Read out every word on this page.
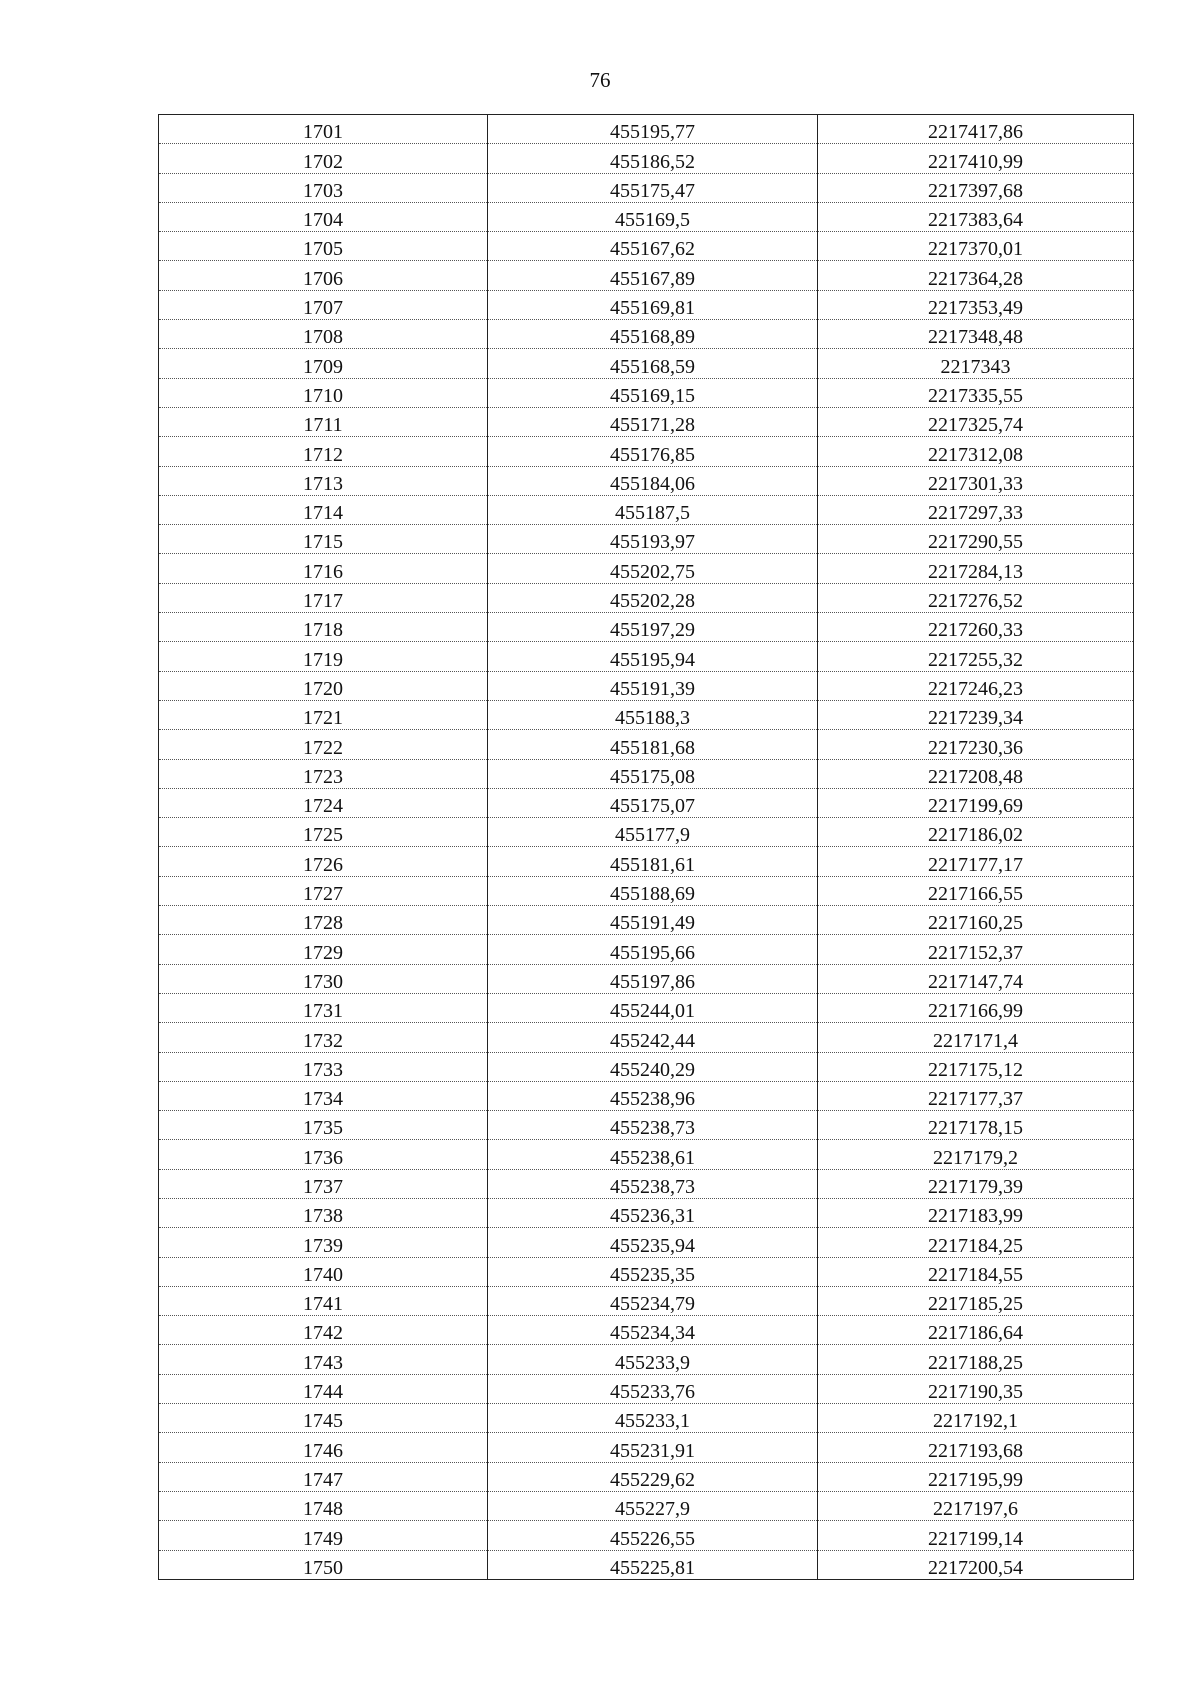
76
1701	455195,77	2217417,86
1702	455186,52	2217410,99
1703	455175,47	2217397,68
1704	455169,5	2217383,64
1705	455167,62	2217370,01
1706	455167,89	2217364,28
1707	455169,81	2217353,49
1708	455168,89	2217348,48
1709	455168,59	2217343
1710	455169,15	2217335,55
1711	455171,28	2217325,74
1712	455176,85	2217312,08
1713	455184,06	2217301,33
1714	455187,5	2217297,33
1715	455193,97	2217290,55
1716	455202,75	2217284,13
1717	455202,28	2217276,52
1718	455197,29	2217260,33
1719	455195,94	2217255,32
1720	455191,39	2217246,23
1721	455188,3	2217239,34
1722	455181,68	2217230,36
1723	455175,08	2217208,48
1724	455175,07	2217199,69
1725	455177,9	2217186,02
1726	455181,61	2217177,17
1727	455188,69	2217166,55
1728	455191,49	2217160,25
1729	455195,66	2217152,37
1730	455197,86	2217147,74
1731	455244,01	2217166,99
1732	455242,44	2217171,4
1733	455240,29	2217175,12
1734	455238,96	2217177,37
1735	455238,73	2217178,15
1736	455238,61	2217179,2
1737	455238,73	2217179,39
1738	455236,31	2217183,99
1739	455235,94	2217184,25
1740	455235,35	2217184,55
1741	455234,79	2217185,25
1742	455234,34	2217186,64
1743	455233,9	2217188,25
1744	455233,76	2217190,35
1745	455233,1	2217192,1
1746	455231,91	2217193,68
1747	455229,62	2217195,99
1748	455227,9	2217197,6
1749	455226,55	2217199,14
1750	455225,81	2217200,54
